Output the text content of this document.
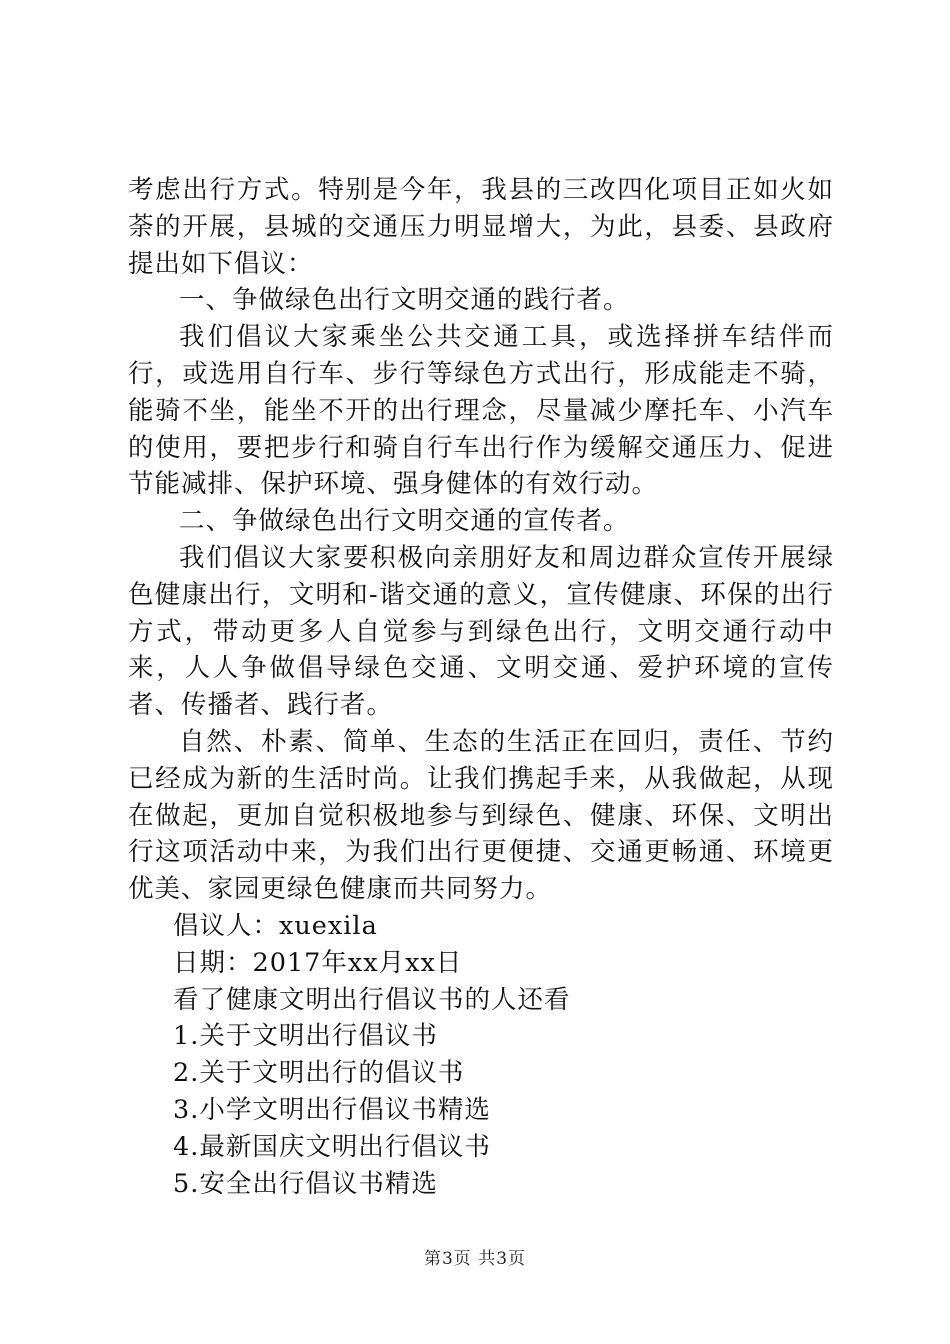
考虑出行方式。特别是今年，我县的三改四化项目正如火如荼的开展，县城的交通压力明显增大，为此，县委、县政府提出如下倡议：

一、争做绿色出行文明交通的践行者。

我们倡议大家乘坐公共交通工具，或选择拼车结伴而行，或选用自行车、步行等绿色方式出行，形成能走不骑，能骑不坐，能坐不开的出行理念，尽量减少摩托车、小汽车的使用，要把步行和骑自行车出行作为缓解交通压力、促进节能减排、保护环境、强身健体的有效行动。

二、争做绿色出行文明交通的宣传者。

我们倡议大家要积极向亲朋好友和周边群众宣传开展绿色健康出行，文明和-谐交通的意义，宣传健康、环保的出行方式，带动更多人自觉参与到绿色出行，文明交通行动中来，人人争做倡导绿色交通、文明交通、爱护环境的宣传者、传播者、践行者。

自然、朴素、简单、生态的生活正在回归，责任、节约已经成为新的生活时尚。让我们携起手来，从我做起，从现在做起，更加自觉积极地参与到绿色、健康、环保、文明出行这项活动中来，为我们出行更便捷、交通更畅通、环境更优美、家园更绿色健康而共同努力。

倡议人：xuexila

日期：2017年xx月xx日

看了健康文明出行倡议书的人还看

1.关于文明出行倡议书

2.关于文明出行的倡议书

3.小学文明出行倡议书精选

4.最新国庆文明出行倡议书

5.安全出行倡议书精选

第3页 共3页
